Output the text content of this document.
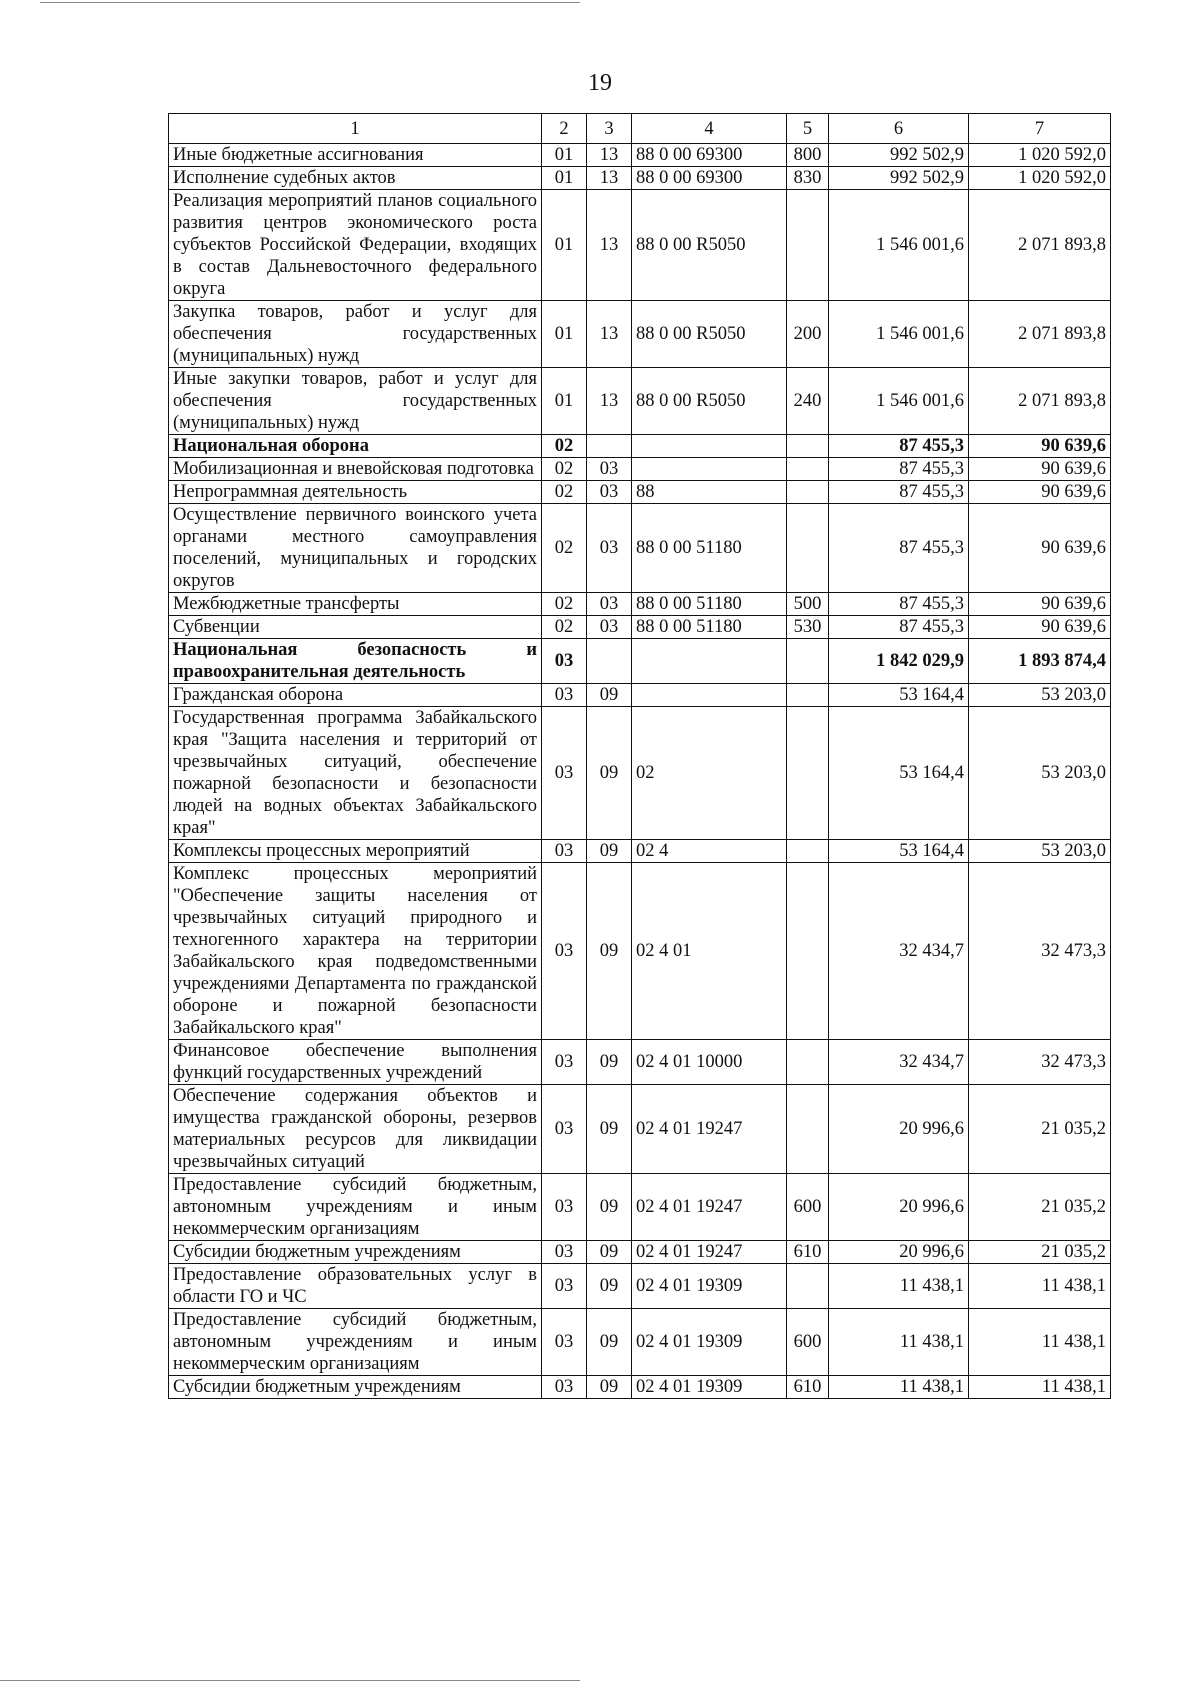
19
1	2	3	4	5	6	7
Иные бюджетные ассигнования	01	13	88 0 00 69300	800	992 502,9	1 020 592,0
Исполнение судебных актов	01	13	88 0 00 69300	830	992 502,9	1 020 592,0
Реализация мероприятий планов социального развития центров экономического роста субъектов Российской Федерации, входящих в состав Дальневосточного федерального округа	01	13	88 0 00 R5050		1 546 001,6	2 071 893,8
Закупка товаров, работ и услуг для обеспечения государственных (муниципальных) нужд	01	13	88 0 00 R5050	200	1 546 001,6	2 071 893,8
Иные закупки товаров, работ и услуг для обеспечения государственных (муниципальных) нужд	01	13	88 0 00 R5050	240	1 546 001,6	2 071 893,8
Национальная оборона	02				87 455,3	90 639,6
Мобилизационная и вневойсковая подготовка	02	03			87 455,3	90 639,6
Непрограммная деятельность	02	03	88		87 455,3	90 639,6
Осуществление первичного воинского учета органами местного самоуправления поселений, муниципальных и городских округов	02	03	88 0 00 51180		87 455,3	90 639,6
Межбюджетные трансферты	02	03	88 0 00 51180	500	87 455,3	90 639,6
Субвенции	02	03	88 0 00 51180	530	87 455,3	90 639,6
Национальная безопасность и правоохранительная деятельность	03				1 842 029,9	1 893 874,4
Гражданская оборона	03	09			53 164,4	53 203,0
Государственная программа Забайкальского края "Защита населения и территорий от чрезвычайных ситуаций, обеспечение пожарной безопасности и безопасности людей на водных объектах Забайкальского края"	03	09	02		53 164,4	53 203,0
Комплексы процессных мероприятий	03	09	02 4		53 164,4	53 203,0
Комплекс процессных мероприятий "Обеспечение защиты населения от чрезвычайных ситуаций природного и техногенного характера на территории Забайкальского края подведомственными учреждениями Департамента по гражданской обороне и пожарной безопасности Забайкальского края"	03	09	02 4 01		32 434,7	32 473,3
Финансовое обеспечение выполнения функций государственных учреждений	03	09	02 4 01 10000		32 434,7	32 473,3
Обеспечение содержания объектов и имущества гражданской обороны, резервов материальных ресурсов для ликвидации чрезвычайных ситуаций	03	09	02 4 01 19247		20 996,6	21 035,2
Предоставление субсидий бюджетным, автономным учреждениям и иным некоммерческим организациям	03	09	02 4 01 19247	600	20 996,6	21 035,2
Субсидии бюджетным учреждениям	03	09	02 4 01 19247	610	20 996,6	21 035,2
Предоставление образовательных услуг в области ГО и ЧС	03	09	02 4 01 19309		11 438,1	11 438,1
Предоставление субсидий бюджетным, автономным учреждениям и иным некоммерческим организациям	03	09	02 4 01 19309	600	11 438,1	11 438,1
Субсидии бюджетным учреждениям	03	09	02 4 01 19309	610	11 438,1	11 438,1
